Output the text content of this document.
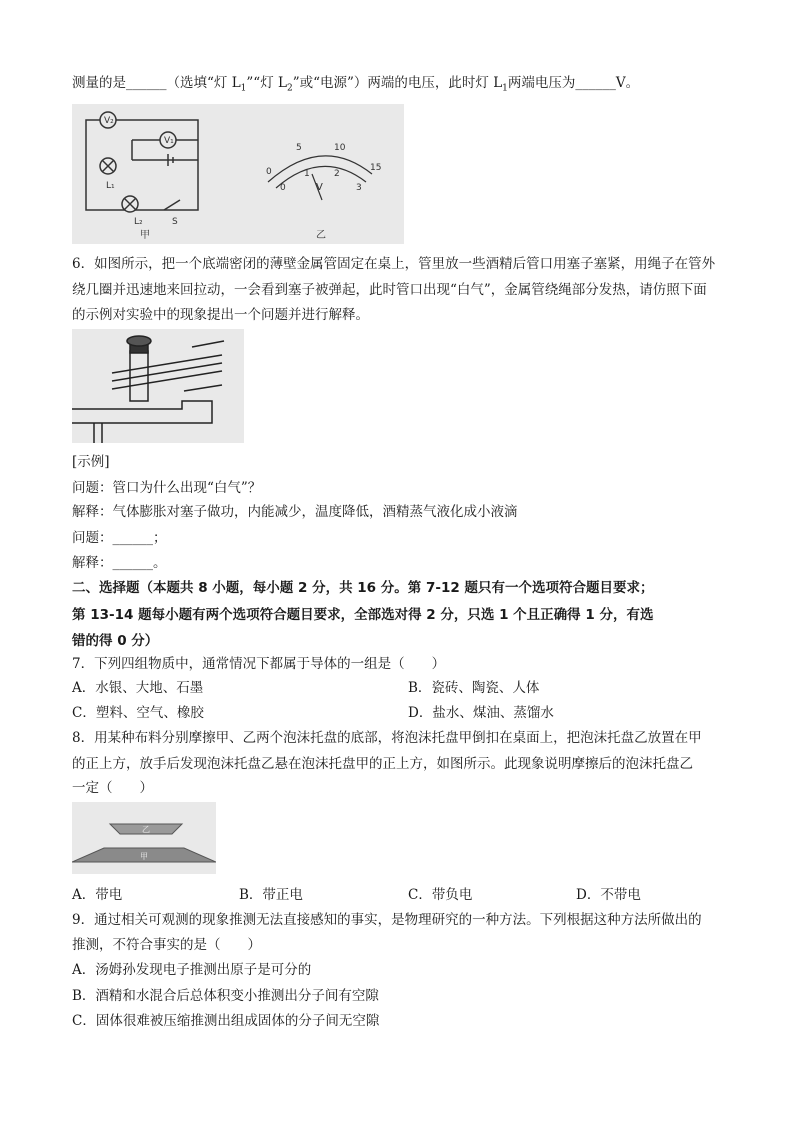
测量的是______（选填“灯 $L_1”“$灯 $L_2$”或“电源”）两端的电压，此时灯 $L_1$两端电压为______V。
V₂
V₁
L₁
L₂	S
甲
0
5	10
15
0
1	2
3
V
乙
6．如图所示，把一个底端密闭的薄壁金属管固定在桌上，管里放一些酒精后管口用塞子塞紧，用绳子在管外
绕几圈并迅速地来回拉动，一会看到塞子被弹起，此时管口出现“白气”，金属管绕绳部分发热，请仿照下面
的示例对实验中的现象提出一个问题并进行解释。
[示例]
问题：管口为什么出现“白气”？
解释：气体膨胀对塞子做功，内能减少，温度降低，酒精蒸气液化成小液滴
问题：______；
解释：______。
二、选择题（本题共 8 小题，每小题 2 分，共 16 分。第 7-12 题只有一个选项符合题目要求；
第 13-14 题每小题有两个选项符合题目要求，全部选对得 2 分，只选 1 个且正确得 1 分，有选
错的得 0 分）
7．下列四组物质中，通常情况下都属于导体的一组是（　　）
A．水银、大地、石墨	B．瓷砖、陶瓷、人体
C．塑料、空气、橡胶	D．盐水、煤油、蒸馏水
8．用某种布料分别摩擦甲、乙两个泡沫托盘的底部，将泡沫托盘甲倒扣在桌面上，把泡沫托盘乙放置在甲
的正上方，放手后发现泡沫托盘乙悬在泡沫托盘甲的正上方，如图所示。此现象说明摩擦后的泡沫托盘乙
一定（　　）
乙
甲
A．带电	B．带正电	C．带负电	D．不带电
9．通过相关可观测的现象推测无法直接感知的事实，是物理研究的一种方法。下列根据这种方法所做出的
推测，不符合事实的是（　　）
A．汤姆孙发现电子推测出原子是可分的
B．酒精和水混合后总体积变小推测出分子间有空隙
C．固体很难被压缩推测出组成固体的分子间无空隙
